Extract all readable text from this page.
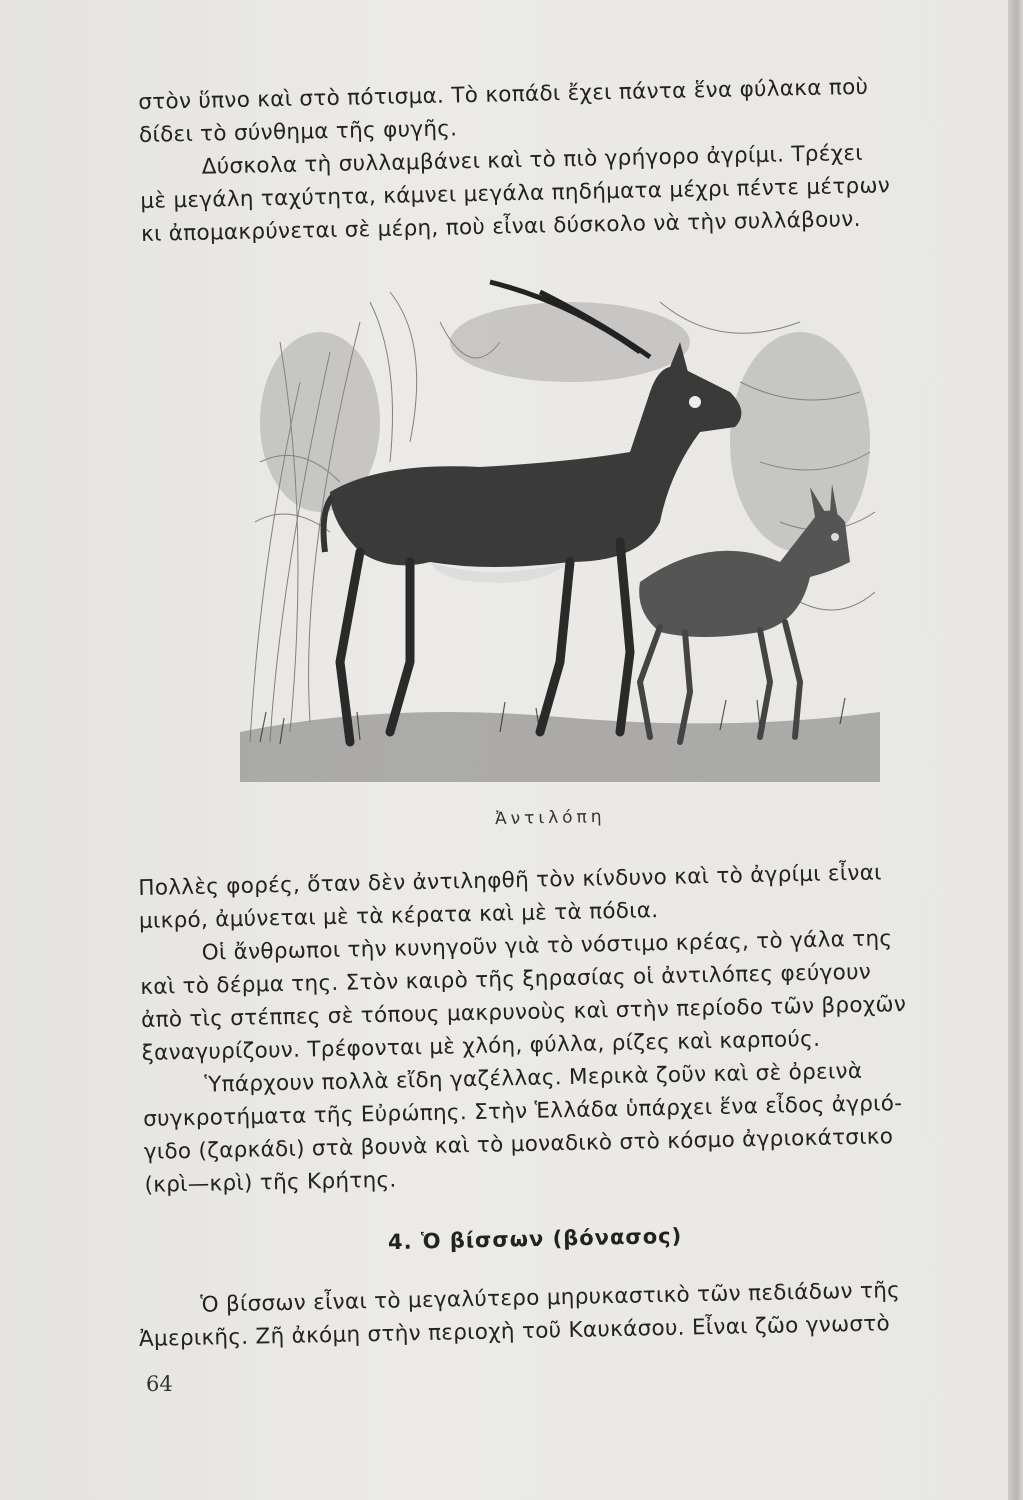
στὸν ὕπνο καὶ στὸ πότισμα. Τὸ κοπάδι ἔχει πάντα ἕνα φύλακα ποὺ

δίδει τὸ σύνθημα τῆς φυγῆς.

Δύσκολα τὴ συλλαμβάνει καὶ τὸ πιὸ γρήγορο ἀγρίμι. Τρέχει

μὲ μεγάλη ταχύτητα, κάμνει μεγάλα πηδήματα μέχρι πέντε μέτρων

κι ἀπομακρύνεται σὲ μέρη, ποὺ εἶναι δύσκολο νὰ τὴν συλλάβουν.

Ἀντιλόπη

Πολλὲς φορές, ὅταν δὲν ἀντιληφθῆ τὸν κίνδυνο καὶ τὸ ἀγρίμι εἶναι

μικρό, ἀμύνεται μὲ τὰ κέρατα καὶ μὲ τὰ πόδια.

Οἱ ἄνθρωποι τὴν κυνηγοῦν γιὰ τὸ νόστιμο κρέας, τὸ γάλα της

καὶ τὸ δέρμα της. Στὸν καιρὸ τῆς ξηρασίας οἱ ἀντιλόπες φεύγουν

ἀπὸ τὶς στέππες σὲ τόπους μακρυνοὺς καὶ στὴν περίοδο τῶν βροχῶν

ξαναγυρίζουν. Τρέφονται μὲ χλόη, φύλλα, ρίζες καὶ καρπούς.

Ὑπάρχουν πολλὰ εἴδη γαζέλλας. Μερικὰ ζοῦν καὶ σὲ ὀρεινὰ

συγκροτήματα τῆς Εὐρώπης. Στὴν Ἑλλάδα ὑπάρχει ἕνα εἶδος ἀγριό-

γιδο (ζαρκάδι) στὰ βουνὰ καὶ τὸ μοναδικὸ στὸ κόσμο ἀγριοκάτσικο

(κρὶ—κρὶ) τῆς Κρήτης.

4. Ὁ βίσσων (βόνασος)

Ὁ βίσσων εἶναι τὸ μεγαλύτερο μηρυκαστικὸ τῶν πεδιάδων τῆς

Ἀμερικῆς. Ζῆ ἀκόμη στὴν περιοχὴ τοῦ Καυκάσου. Εἶναι ζῶο γνωστὸ

64
